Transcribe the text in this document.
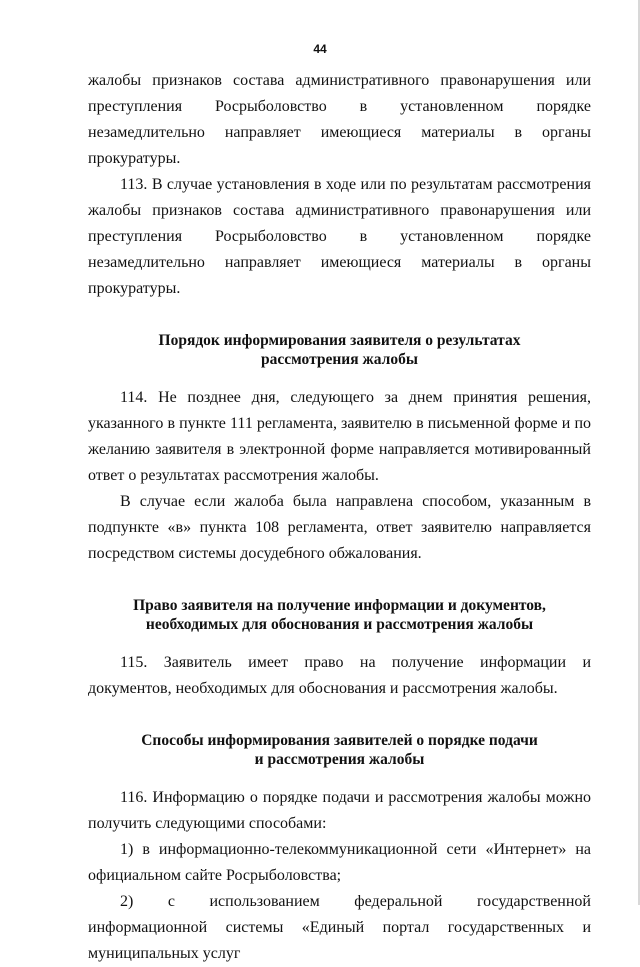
44

жалобы признаков состава административного правонарушения или преступления Росрыболовство в установленном порядке незамедлительно направляет имеющиеся материалы в органы прокуратуры.

113. В случае установления в ходе или по результатам рассмотрения жалобы признаков состава административного правонарушения или преступления Росрыболовство в установленном порядке незамедлительно направляет имеющиеся материалы в органы прокуратуры.

Порядок информирования заявителя о результатах
рассмотрения жалобы

114. Не позднее дня, следующего за днем принятия решения, указанного в пункте 111 регламента, заявителю в письменной форме и по желанию заявителя в электронной форме направляется мотивированный ответ о результатах рассмотрения жалобы.

В случае если жалоба была направлена способом, указанным в подпункте «в» пункта 108 регламента, ответ заявителю направляется посредством системы досудебного обжалования.

Право заявителя на получение информации и документов,
необходимых для обоснования и рассмотрения жалобы

115. Заявитель имеет право на получение информации и документов, необходимых для обоснования и рассмотрения жалобы.

Способы информирования заявителей о порядке подачи
и рассмотрения жалобы

116. Информацию о порядке подачи и рассмотрения жалобы можно получить следующими способами:

1) в информационно-телекоммуникационной сети «Интернет» на официальном сайте Росрыболовства;

2) с использованием федеральной государственной информационной системы «Единый портал государственных и муниципальных услуг
